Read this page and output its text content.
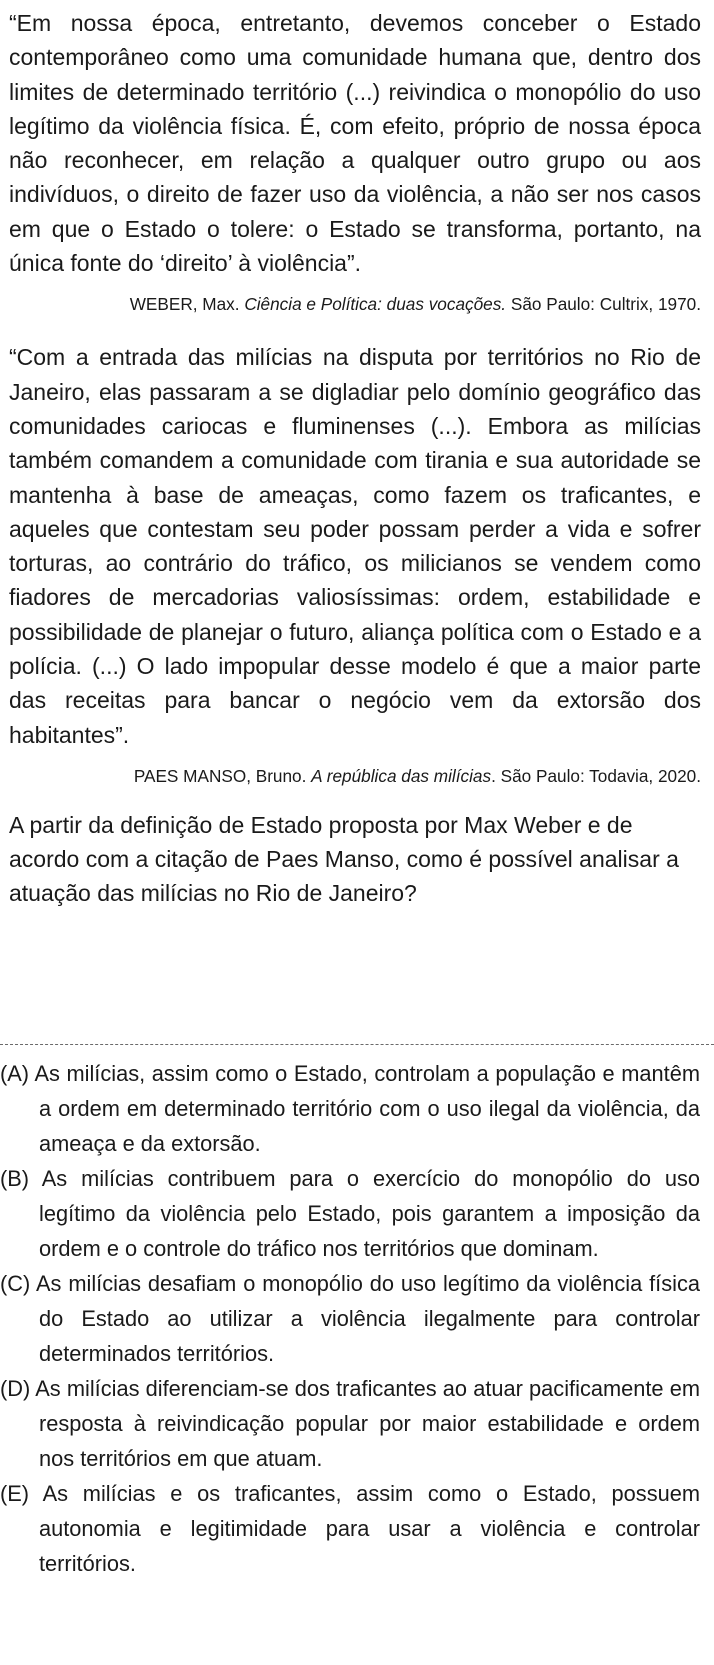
“Em nossa época, entretanto, devemos conceber o Estado contemporâneo como uma comunidade humana que, dentro dos limites de determinado território (...) reivindica o monopólio do uso legítimo da violência física. É, com efeito, próprio de nossa época não reconhecer, em relação a qualquer outro grupo ou aos indivíduos, o direito de fazer uso da violência, a não ser nos casos em que o Estado o tolere: o Estado se transforma, portanto, na única fonte do ‘direito’ à violência”.

WEBER, Max. Ciência e Política: duas vocações. São Paulo: Cultrix, 1970.

“Com a entrada das milícias na disputa por territórios no Rio de Janeiro, elas passaram a se digladiar pelo domínio geográfico das comunidades cariocas e fluminenses (...). Embora as milícias também comandem a comunidade com tirania e sua autoridade se mantenha à base de ameaças, como fazem os traficantes, e aqueles que contestam seu poder possam perder a vida e sofrer torturas, ao contrário do tráfico, os milicianos se vendem como fiadores de mercadorias valiosíssimas: ordem, estabilidade e possibilidade de planejar o futuro, aliança política com o Estado e a polícia. (...) O lado impopular desse modelo é que a maior parte das receitas para bancar o negócio vem da extorsão dos habitantes”.

PAES MANSO, Bruno. A república das milícias. São Paulo: Todavia, 2020.

A partir da definição de Estado proposta por Max Weber e de acordo com a citação de Paes Manso, como é possível analisar a atuação das milícias no Rio de Janeiro?

(A) As milícias, assim como o Estado, controlam a população e mantêm a ordem em determinado território com o uso ilegal da violência, da ameaça e da extorsão.

(B) As milícias contribuem para o exercício do monopólio do uso legítimo da violência pelo Estado, pois garantem a imposição da ordem e o controle do tráfico nos territórios que dominam.

(C) As milícias desafiam o monopólio do uso legítimo da violência física do Estado ao utilizar a violência ilegalmente para controlar determinados territórios.

(D) As milícias diferenciam-se dos traficantes ao atuar pacificamente em resposta à reivindicação popular por maior estabilidade e ordem nos territórios em que atuam.

(E) As milícias e os traficantes, assim como o Estado, possuem autonomia e legitimidade para usar a violência e controlar territórios.
